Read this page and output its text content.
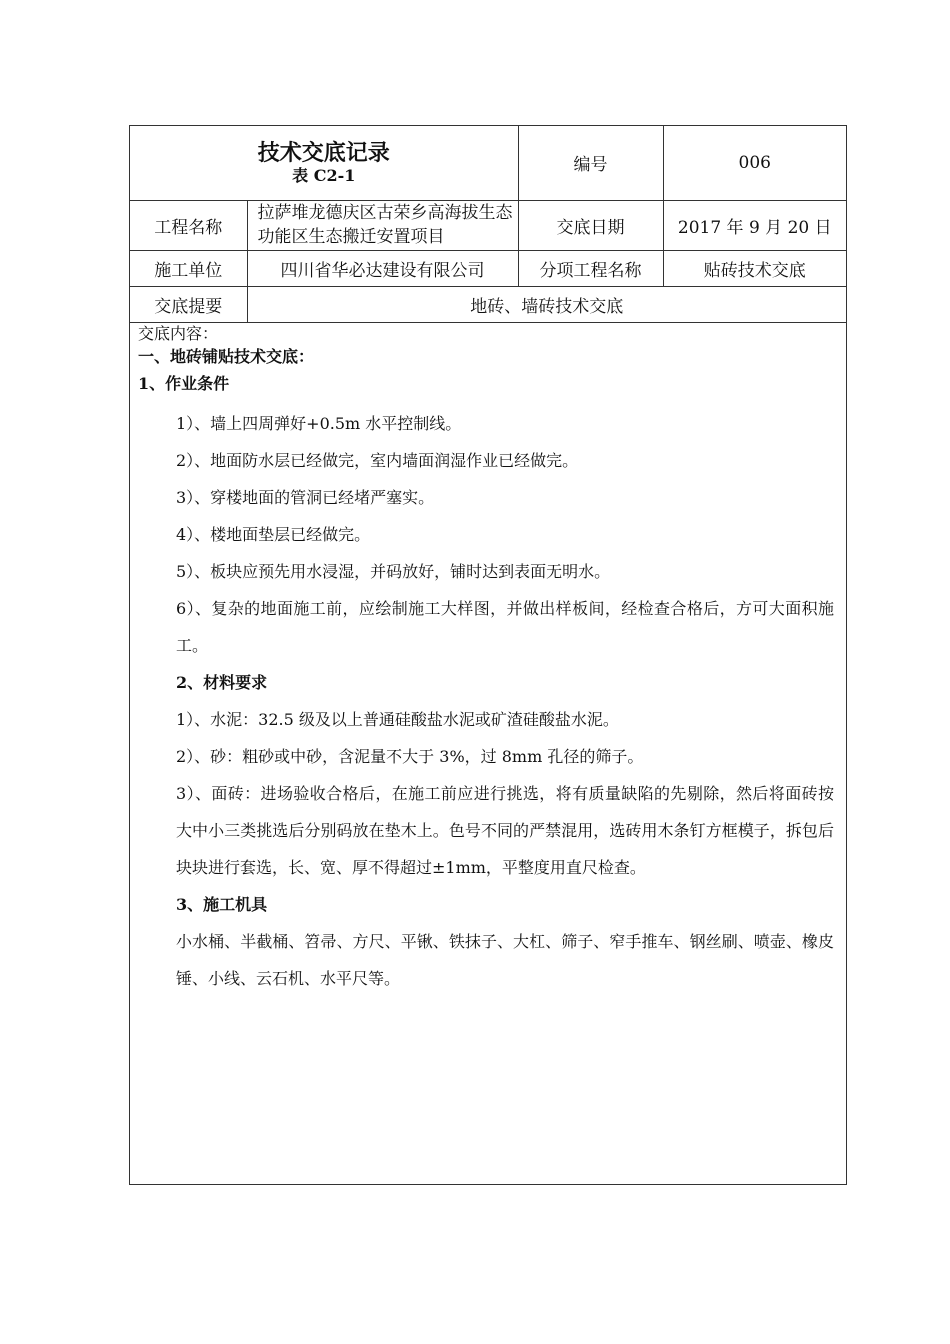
技术交底记录
表 C2-1		编号	006
工程名称	拉萨堆龙德庆区古荣乡高海拔生态功能区生态搬迁安置项目	交底日期	2017 年 9 月 20 日
施工单位	四川省华必达建设有限公司	分项工程名称	贴砖技术交底
交底提要	地砖、墙砖技术交底		

交底内容：

一、地砖铺贴技术交底：

1、作业条件

1）、墙上四周弹好+0.5m 水平控制线。

2）、地面防水层已经做完，室内墙面润湿作业已经做完。

3）、穿楼地面的管洞已经堵严塞实。

4）、楼地面垫层已经做完。

5）、板块应预先用水浸湿，并码放好，铺时达到表面无明水。

6）、复杂的地面施工前，应绘制施工大样图，并做出样板间，经检查合格后，方可大面积施工。

2、材料要求

1）、水泥：32.5 级及以上普通硅酸盐水泥或矿渣硅酸盐水泥。

2）、砂：粗砂或中砂，含泥量不大于 3%，过 8mm 孔径的筛子。

3）、面砖：进场验收合格后，在施工前应进行挑选，将有质量缺陷的先剔除，然后将面砖按大中小三类挑选后分别码放在垫木上。色号不同的严禁混用，选砖用木条钉方框模子，拆包后块块进行套选，长、宽、厚不得超过±1mm，平整度用直尺检查。

3、施工机具

小水桶、半截桶、笤帚、方尺、平锹、铁抹子、大杠、筛子、窄手推车、钢丝刷、喷壶、橡皮锤、小线、云石机、水平尺等。
